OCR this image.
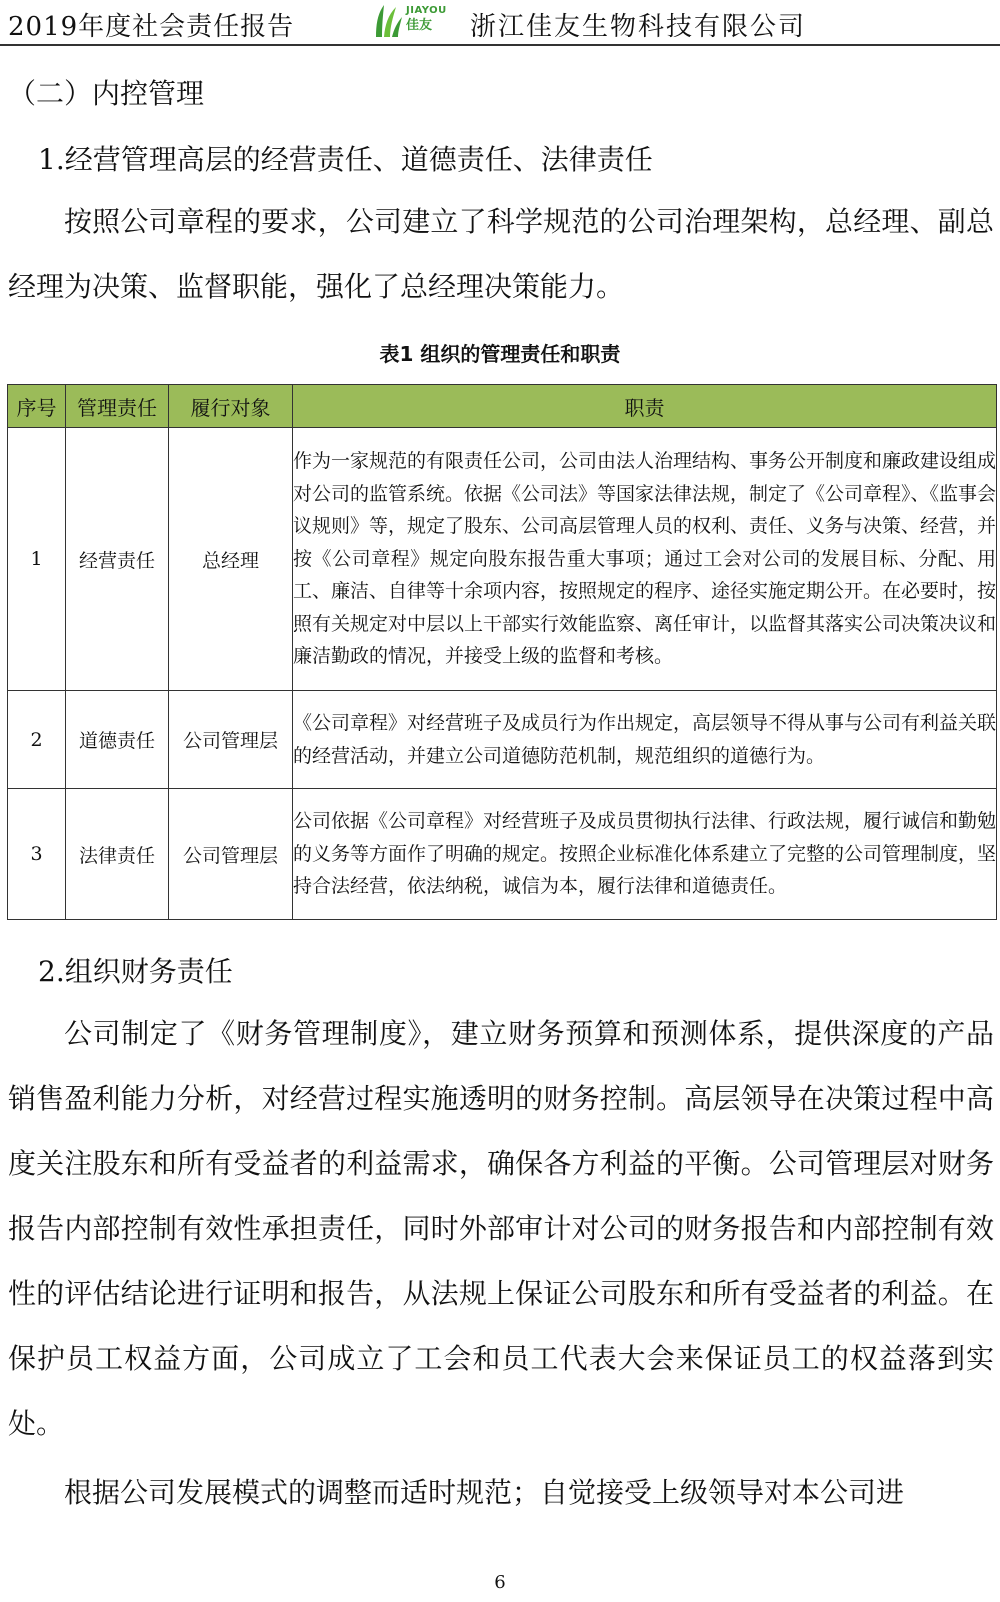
2019年度社会责任报告
JIAYOU
佳友	浙江佳友生物科技有限公司
（二）内控管理
1.经营管理高层的经营责任、道德责任、法律责任

按照公司章程的要求，公司建立了科学规范的公司治理架构，总经理、副总经理为决策、监督职能，强化了总经理决策能力。

表1 组织的管理责任和职责
序号	管理责任	履行对象	职责
1	经营责任	总经理	作为一家规范的有限责任公司，公司由法人治理结构、事务公开制度和廉政建设组成对公司的监管系统。依据《公司法》等国家法律法规，制定了《公司章程》、《监事会议规则》等，规定了股东、公司高层管理人员的权利、责任、义务与决策、经营，并按《公司章程》规定向股东报告重大事项；通过工会对公司的发展目标、分配、用工、廉洁、自律等十余项内容，按照规定的程序、途径实施定期公开。在必要时，按照有关规定对中层以上干部实行效能监察、离任审计，以监督其落实公司决策决议和廉洁勤政的情况，并接受上级的监督和考核。
2	道德责任	公司管理层	《公司章程》对经营班子及成员行为作出规定，高层领导不得从事与公司有利益关联的经营活动，并建立公司道德防范机制，规范组织的道德行为。
3	法律责任	公司管理层	公司依据《公司章程》对经营班子及成员贯彻执行法律、行政法规，履行诚信和勤勉的义务等方面作了明确的规定。按照企业标准化体系建立了完整的公司管理制度，坚持合法经营，依法纳税，诚信为本，履行法律和道德责任。
2.组织财务责任

公司制定了《财务管理制度》，建立财务预算和预测体系，提供深度的产品销售盈利能力分析，对经营过程实施透明的财务控制。高层领导在决策过程中高度关注股东和所有受益者的利益需求，确保各方利益的平衡。公司管理层对财务报告内部控制有效性承担责任，同时外部审计对公司的财务报告和内部控制有效性的评估结论进行证明和报告，从法规上保证公司股东和所有受益者的利益。在保护员工权益方面，公司成立了工会和员工代表大会来保证员工的权益落到实处。

根据公司发展模式的调整而适时规范；自觉接受上级领导对本公司进

6
